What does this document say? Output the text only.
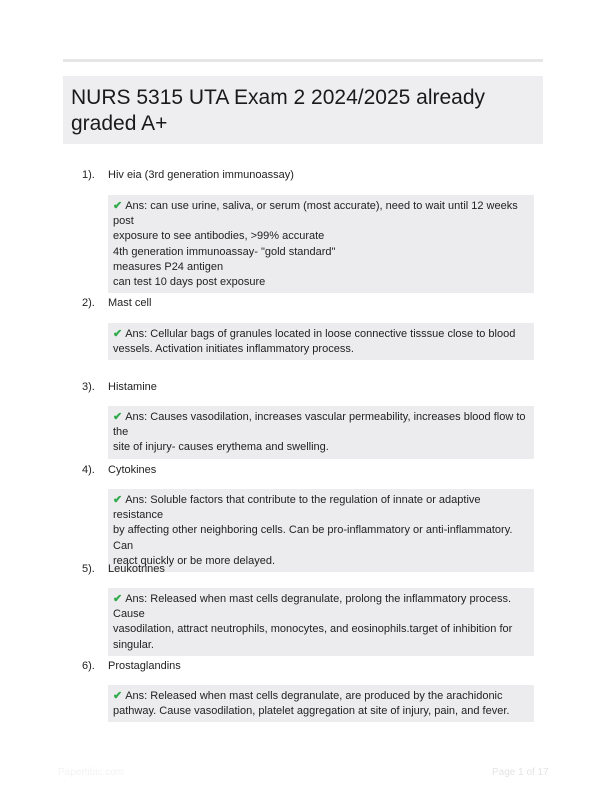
NURS 5315 UTA Exam 2 2024/2025 already graded A+
1). Hiv eia (3rd generation immunoassay)
✔ Ans: can use urine, saliva, or serum (most accurate), need to wait until 12 weeks post
exposure to see antibodies, >99% accurate
4th generation immunoassay- "gold standard"
measures P24 antigen
can test 10 days post exposure
2). Mast cell
✔ Ans: Cellular bags of granules located in loose connective tisssue close to blood
vessels. Activation initiates inflammatory process.
3). Histamine
✔ Ans: Causes vasodilation, increases vascular permeability, increases blood flow to the
site of injury- causes erythema and swelling.
4). Cytokines
✔ Ans: Soluble factors that contribute to the regulation of innate or adaptive resistance
by affecting other neighboring cells. Can be pro-inflammatory or anti-inflammatory. Can
react quickly or be more delayed.
5). Leukotrines
✔ Ans: Released when mast cells degranulate, prolong the inflammatory process. Cause
vasodilation, attract neutrophils, monocytes, and eosinophils.target of inhibition for
singular.
6). Prostaglandins
✔ Ans: Released when mast cells degranulate, are produced by the arachidonic
pathway. Cause vasodilation, platelet aggregation at site of injury, pain, and fever.
Papertibic.com	Page 1 of 17
